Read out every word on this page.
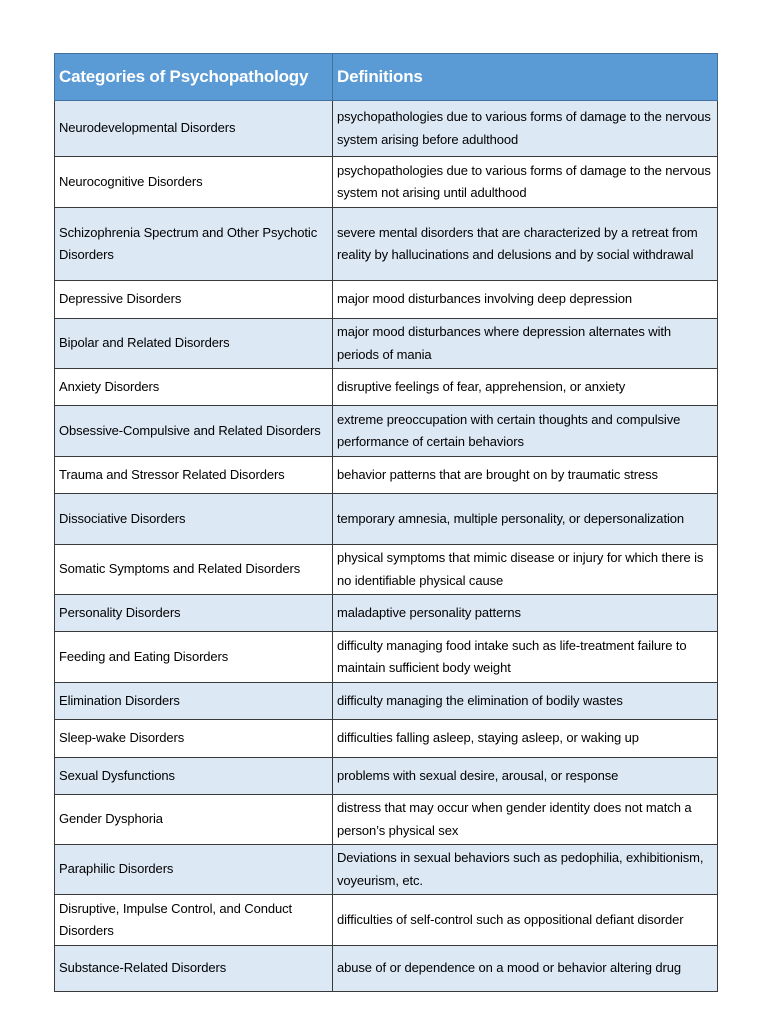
Categories of Psychopathology	Definitions
Neurodevelopmental Disorders	psychopathologies due to various forms of damage to the nervous system arising before adulthood
Neurocognitive Disorders	psychopathologies due to various forms of damage to the nervous system not arising until adulthood
Schizophrenia Spectrum and Other Psychotic Disorders	severe mental disorders that are characterized by a retreat from reality by hallucinations and delusions and by social withdrawal
Depressive Disorders	major mood disturbances involving deep depression
Bipolar and Related Disorders	major mood disturbances where depression alternates with periods of mania
Anxiety Disorders	disruptive feelings of fear, apprehension, or anxiety
Obsessive-Compulsive and Related Disorders	extreme preoccupation with certain thoughts and compulsive performance of certain behaviors
Trauma and Stressor Related Disorders	behavior patterns that are brought on by traumatic stress
Dissociative Disorders	temporary amnesia, multiple personality, or depersonalization
Somatic Symptoms and Related Disorders	physical symptoms that mimic disease or injury for which there is no identifiable physical cause
Personality Disorders	maladaptive personality patterns
Feeding and Eating Disorders	difficulty managing food intake such as life-treatment failure to maintain sufficient body weight
Elimination Disorders	difficulty managing the elimination of bodily wastes
Sleep-wake Disorders	difficulties falling asleep, staying asleep, or waking up
Sexual Dysfunctions	problems with sexual desire, arousal, or response
Gender Dysphoria	distress that may occur when gender identity does not match a person’s physical sex
Paraphilic Disorders	Deviations in sexual behaviors such as pedophilia, exhibitionism, voyeurism, etc.
Disruptive, Impulse Control, and Conduct Disorders	difficulties of self-control such as oppositional defiant disorder
Substance-Related Disorders	abuse of or dependence on a mood or behavior altering drug
